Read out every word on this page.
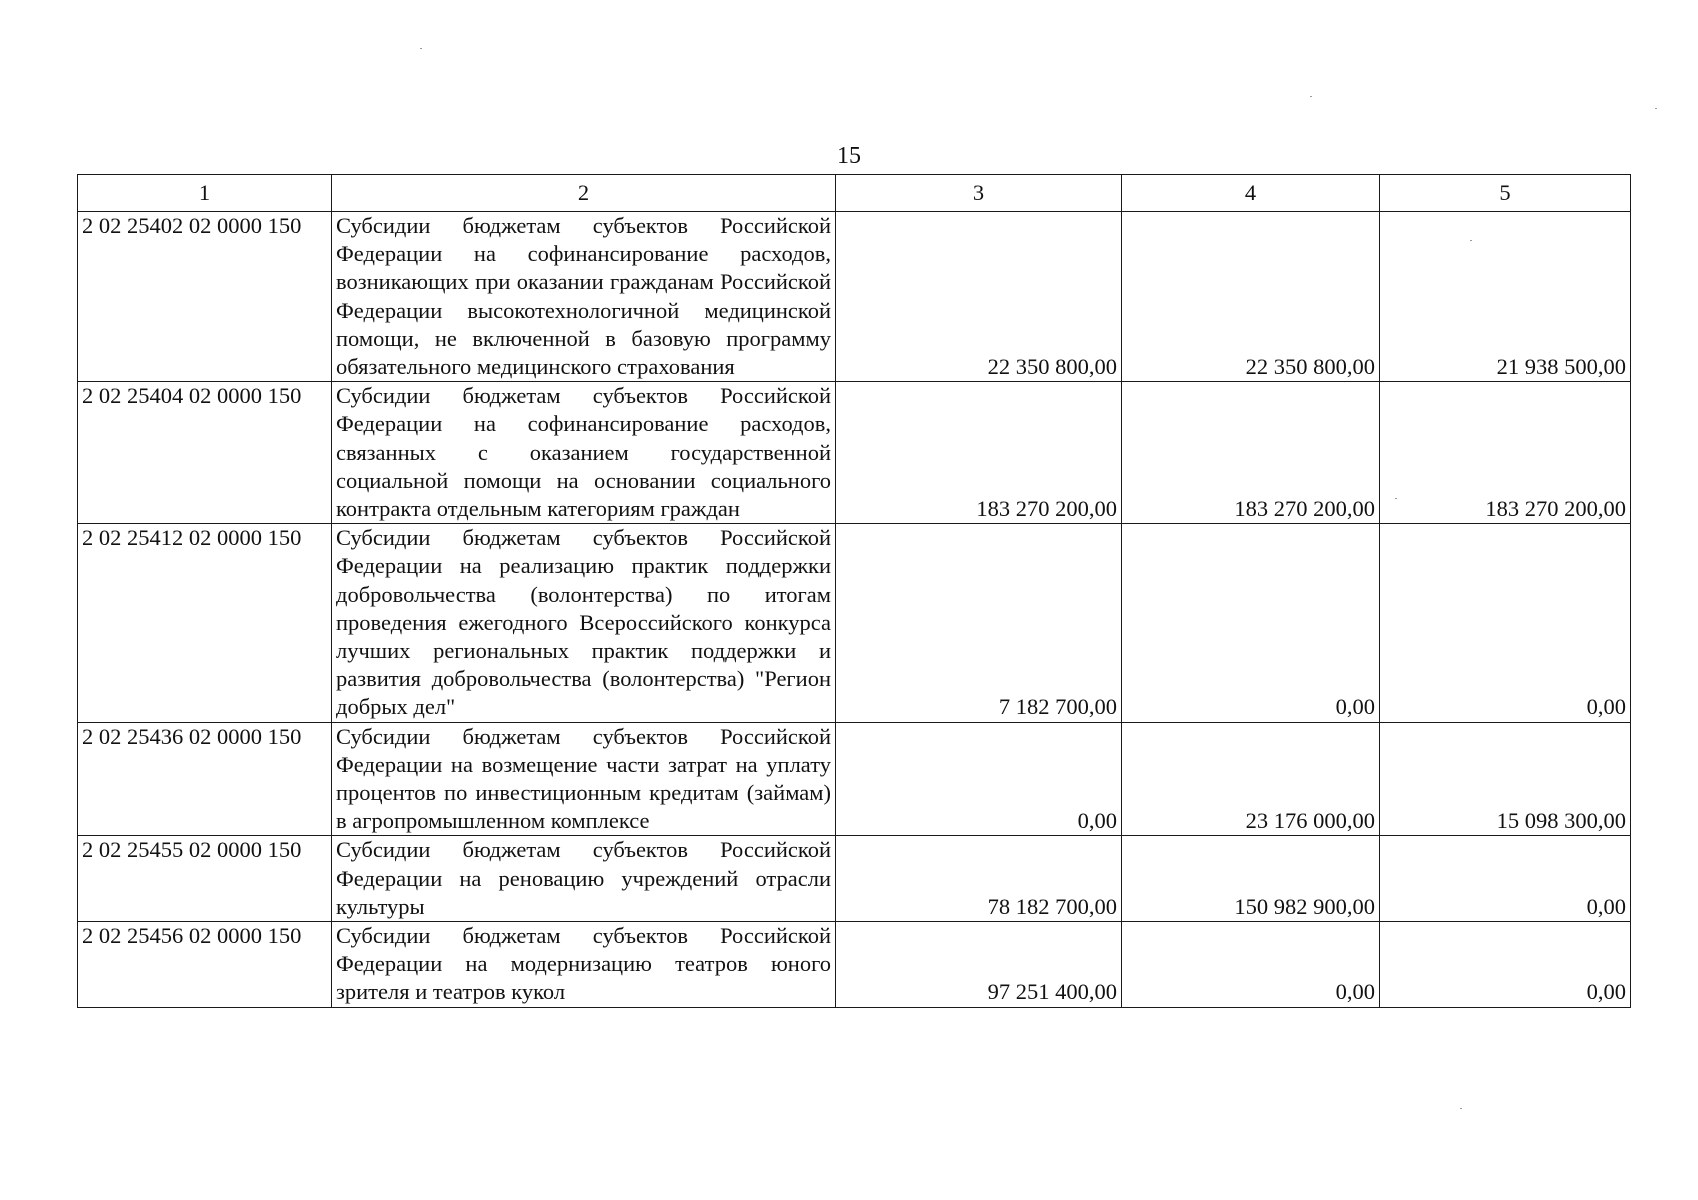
15
1	2	3	4	5
2 02 25402 02 0000 150	Субсидии бюджетам субъектов Российской Федерации на софинансирование расходов, возникающих при оказании гражданам Российской Федерации высокотехнологичной медицинской помощи, не включенной в базовую программу обязательного медицинского страхования	22 350 800,00	22 350 800,00	21 938 500,00
2 02 25404 02 0000 150	Субсидии бюджетам субъектов Российской Федерации на софинансирование расходов, связанных с оказанием государственной социальной помощи на основании социального контракта отдельным категориям граждан	183 270 200,00	183 270 200,00	183 270 200,00
2 02 25412 02 0000 150	Субсидии бюджетам субъектов Российской Федерации на реализацию практик поддержки добровольчества (волонтерства) по итогам проведения ежегодного Всероссийского конкурса лучших региональных практик поддержки и развития добровольчества (волонтерства) "Регион добрых дел"	7 182 700,00	0,00	0,00
2 02 25436 02 0000 150	Субсидии бюджетам субъектов Российской Федерации на возмещение части затрат на уплату процентов по инвестиционным кредитам (займам) в агропромышленном комплексе	0,00	23 176 000,00	15 098 300,00
2 02 25455 02 0000 150	Субсидии бюджетам субъектов Российской Федерации на реновацию учреждений отрасли культуры	78 182 700,00	150 982 900,00	0,00
2 02 25456 02 0000 150	Субсидии бюджетам субъектов Российской Федерации на модернизацию театров юного зрителя и театров кукол	97 251 400,00	0,00	0,00
